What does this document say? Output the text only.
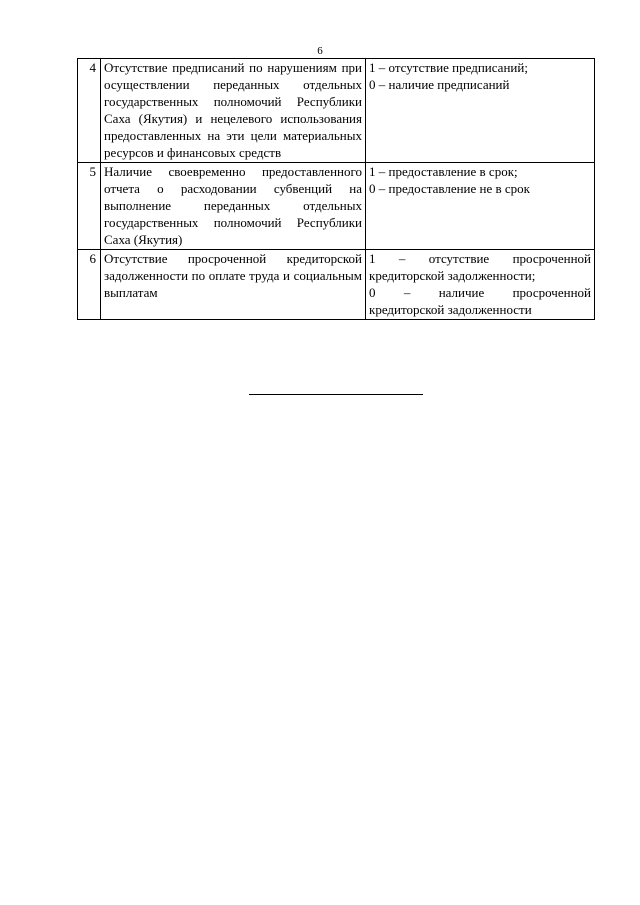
6
4	Отсутствие предписаний по нарушениям при осуществлении переданных отдельных государственных полномочий Республики Саха (Якутия) и нецелевого использования предоставленных на эти цели материальных ресурсов и финансовых средств	1 – отсутствие предписаний;
0 – наличие предписаний

5	Наличие своевременно предоставленного отчета о расходовании субвенций на выполнение переданных отдельных государственных полномочий Республики Саха (Якутия)	1 – предоставление в срок;
0 – предоставление не в срок

6	Отсутствие просроченной кредиторской задолженности по оплате труда и социальным выплатам	1 – отсутствие просроченной кредиторской задолженности;
0 – наличие просроченной кредиторской задолженности
